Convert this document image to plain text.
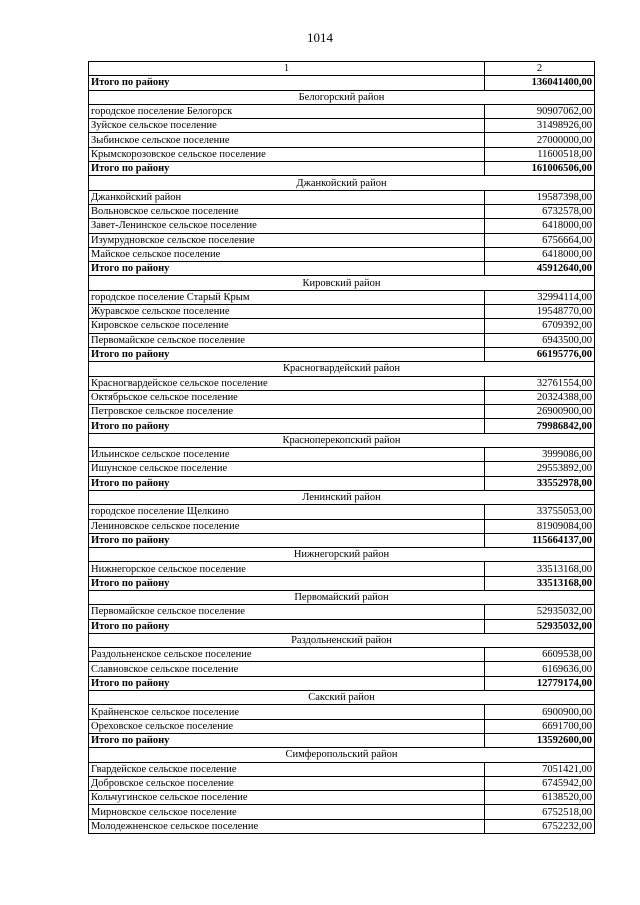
1014
1	2
Итого по району	136041400,00
Белогорский район	
городское поселение Белогорск	90907062,00
Зуйское сельское поселение	31498926,00
Зыбинское сельское поселение	27000000,00
Крымскорозовское сельское поселение	11600518,00
Итого по району	161006506,00
Джанкойский район	
Джанкойский район	19587398,00
Вольновское сельское поселение	6732578,00
Завет-Ленинское сельское поселение	6418000,00
Изумрудновское сельское поселение	6756664,00
Майское сельское поселение	6418000,00
Итого по району	45912640,00
Кировский район	
городское поселение Старый Крым	32994114,00
Журавское сельское поселение	19548770,00
Кировское сельское поселение	6709392,00
Первомайское сельское поселение	6943500,00
Итого по району	66195776,00
Красногвардейский район	
Красногвардейское сельское поселение	32761554,00
Октябрьское сельское поселение	20324388,00
Петровское сельское поселение	26900900,00
Итого по району	79986842,00
Красноперекопский район	
Ильинское сельское поселение	3999086,00
Ишунское сельское поселение	29553892,00
Итого по району	33552978,00
Ленинский район	
городское поселение Щелкино	33755053,00
Лениновское сельское поселение	81909084,00
Итого по району	115664137,00
Нижнегорский район	
Нижнегорское сельское поселение	33513168,00
Итого по району	33513168,00
Первомайский район	
Первомайское сельское поселение	52935032,00
Итого по району	52935032,00
Раздольненский район	
Раздольненское сельское поселение	6609538,00
Славновское сельское поселение	6169636,00
Итого по району	12779174,00
Сакский район	
Крайненское сельское поселение	6900900,00
Ореховское сельское поселение	6691700,00
Итого по району	13592600,00
Симферопольский район	
Гвардейское сельское поселение	7051421,00
Добровское сельское поселение	6745942,00
Кольчугинское сельское поселение	6138520,00
Мирновское сельское поселение	6752518,00
Молодежненское сельское поселение	6752232,00
